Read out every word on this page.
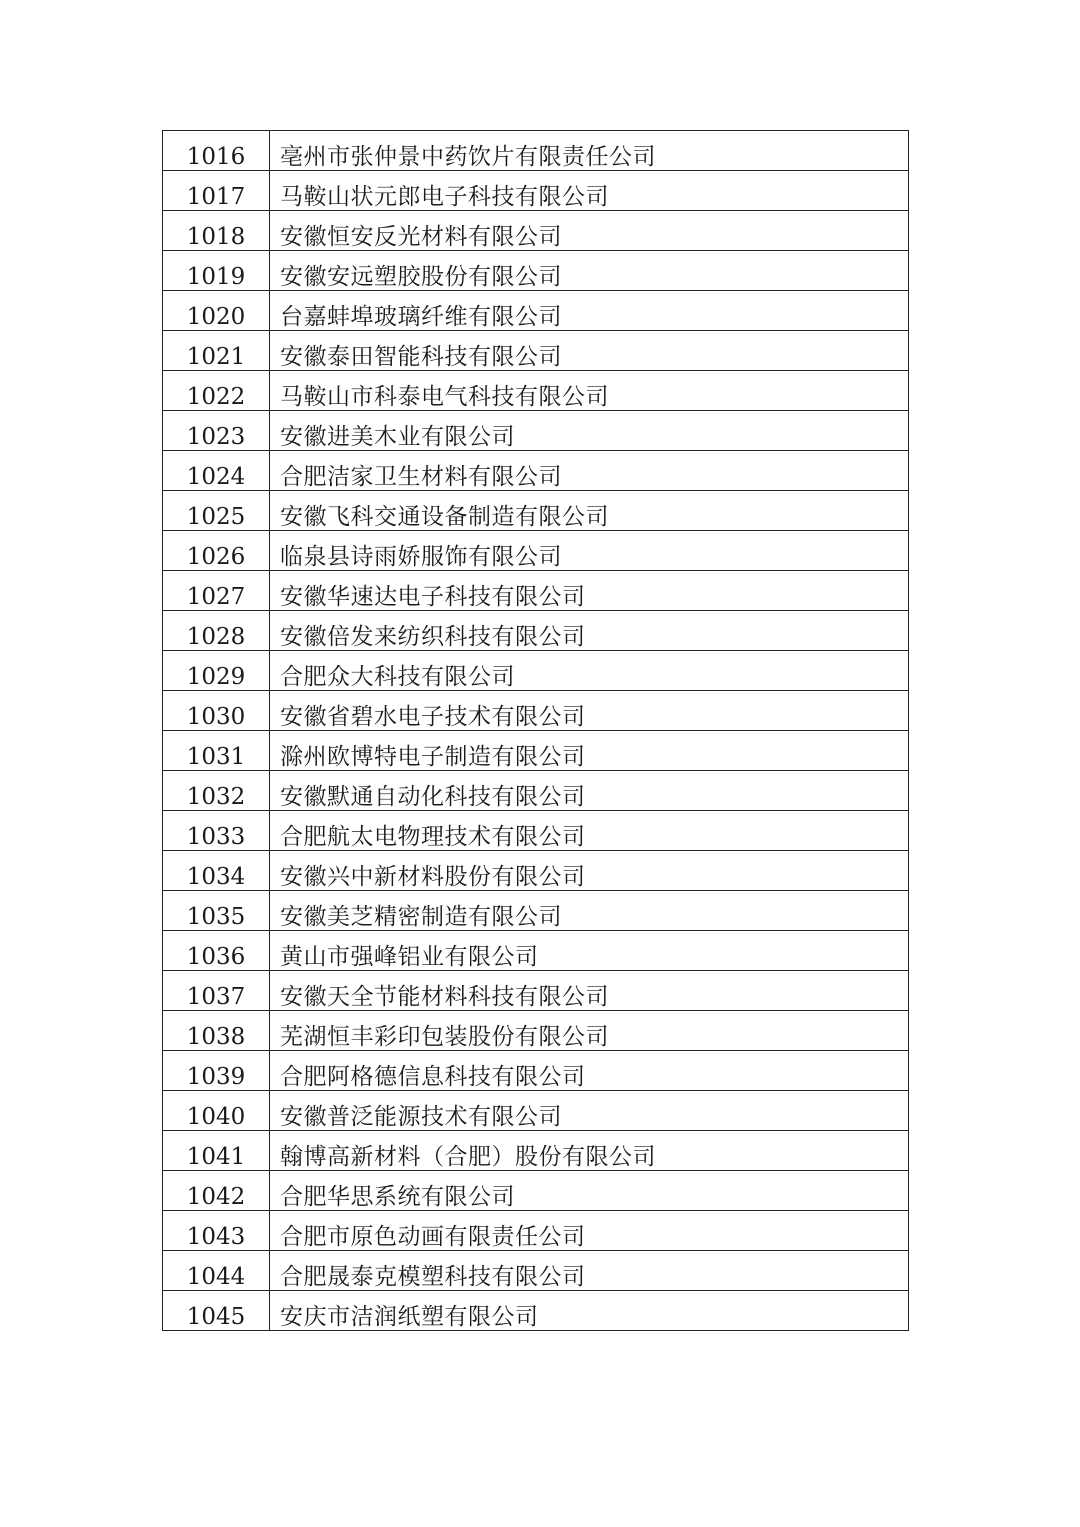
1016	亳州市张仲景中药饮片有限责任公司
1017	马鞍山状元郎电子科技有限公司
1018	安徽恒安反光材料有限公司
1019	安徽安远塑胶股份有限公司
1020	台嘉蚌埠玻璃纤维有限公司
1021	安徽泰田智能科技有限公司
1022	马鞍山市科泰电气科技有限公司
1023	安徽进美木业有限公司
1024	合肥洁家卫生材料有限公司
1025	安徽飞科交通设备制造有限公司
1026	临泉县诗雨娇服饰有限公司
1027	安徽华速达电子科技有限公司
1028	安徽倍发来纺织科技有限公司
1029	合肥众大科技有限公司
1030	安徽省碧水电子技术有限公司
1031	滁州欧博特电子制造有限公司
1032	安徽默通自动化科技有限公司
1033	合肥航太电物理技术有限公司
1034	安徽兴中新材料股份有限公司
1035	安徽美芝精密制造有限公司
1036	黄山市强峰铝业有限公司
1037	安徽天全节能材料科技有限公司
1038	芜湖恒丰彩印包装股份有限公司
1039	合肥阿格德信息科技有限公司
1040	安徽普泛能源技术有限公司
1041	翰博高新材料（合肥）股份有限公司
1042	合肥华思系统有限公司
1043	合肥市原色动画有限责任公司
1044	合肥晟泰克模塑科技有限公司
1045	安庆市洁润纸塑有限公司
